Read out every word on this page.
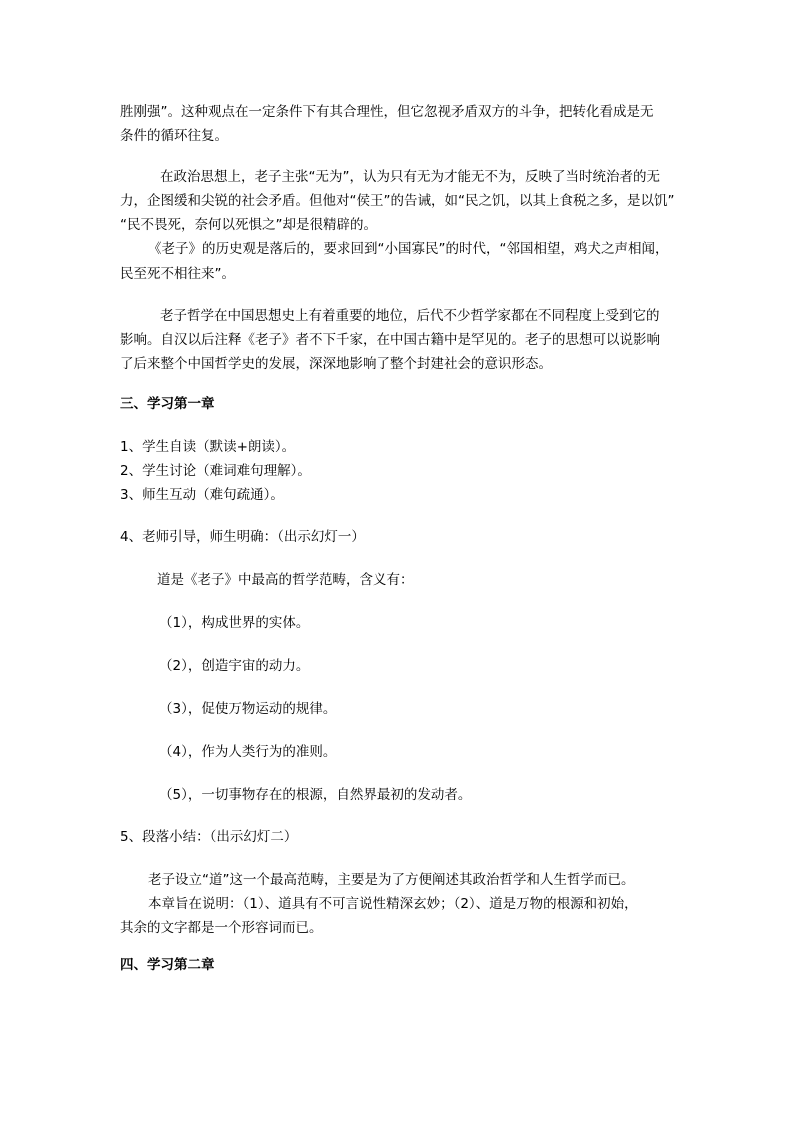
胜刚强”。这种观点在一定条件下有其合理性，但它忽视矛盾双方的斗争，把转化看成是无
条件的循环往复。
在政治思想上，老子主张“无为”，认为只有无为才能无不为，反映了当时统治者的无
力，企图缓和尖锐的社会矛盾。但他对“侯王”的告诫，如“民之饥，以其上食税之多，是以饥”
“民不畏死，奈何以死惧之”却是很精辟的。
《老子》的历史观是落后的，要求回到“小国寡民”的时代，“邻国相望，鸡犬之声相闻，
民至死不相往来”。
老子哲学在中国思想史上有着重要的地位，后代不少哲学家都在不同程度上受到它的
影响。自汉以后注释《老子》者不下千家，在中国古籍中是罕见的。老子的思想可以说影响
了后来整个中国哲学史的发展，深深地影响了整个封建社会的意识形态。
三、学习第一章
1、学生自读（默读+朗读）。
2、学生讨论（难词难句理解）。
3、师生互动（难句疏通）。
4、老师引导，师生明确：（出示幻灯一）
道是《老子》中最高的哲学范畴，含义有：
（1），构成世界的实体。
（2），创造宇宙的动力。
（3），促使万物运动的规律。
（4），作为人类行为的准则。
（5），一切事物存在的根源，自然界最初的发动者。
5、段落小结：（出示幻灯二）
老子设立“道”这一个最高范畴，主要是为了方便阐述其政治哲学和人生哲学而已。
本章旨在说明：（1）、道具有不可言说性精深玄妙；（2）、道是万物的根源和初始，
其余的文字都是一个形容词而已。
四、学习第二章
